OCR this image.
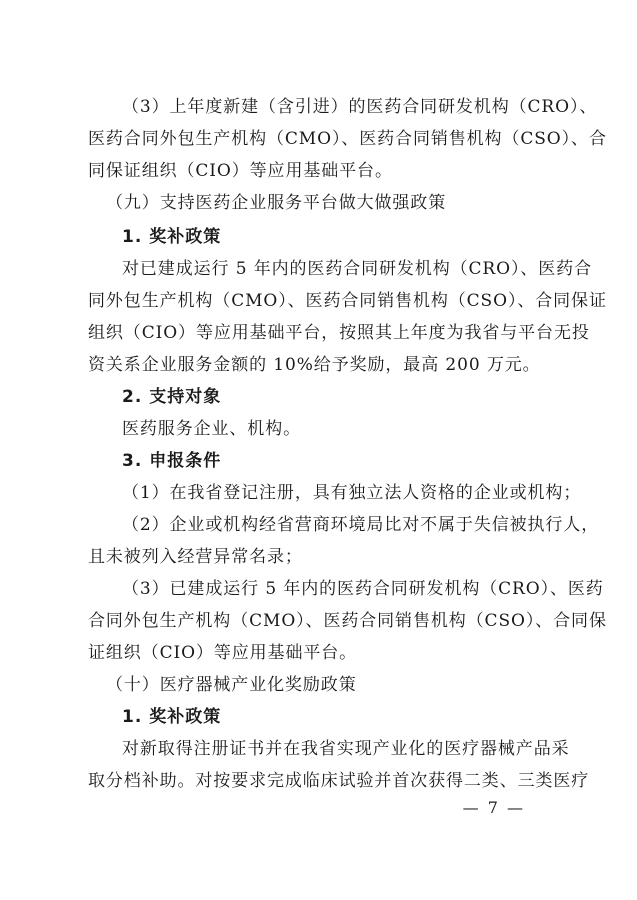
（3）上年度新建（含引进）的医药合同研发机构（CRO）、
医药合同外包生产机构（CMO）、医药合同销售机构（CSO）、合
同保证组织（CIO）等应用基础平台。
（九）支持医药企业服务平台做大做强政策
1. 奖补政策
对已建成运行 5 年内的医药合同研发机构（CRO）、医药合
同外包生产机构（CMO）、医药合同销售机构（CSO）、合同保证
组织（CIO）等应用基础平台，按照其上年度为我省与平台无投
资关系企业服务金额的 10%给予奖励，最高 200 万元。
2. 支持对象
医药服务企业、机构。
3. 申报条件
（1）在我省登记注册，具有独立法人资格的企业或机构；
（2）企业或机构经省营商环境局比对不属于失信被执行人，
且未被列入经营异常名录；
（3）已建成运行 5 年内的医药合同研发机构（CRO）、医药
合同外包生产机构（CMO）、医药合同销售机构（CSO）、合同保
证组织（CIO）等应用基础平台。
（十）医疗器械产业化奖励政策
1. 奖补政策
对新取得注册证书并在我省实现产业化的医疗器械产品采
取分档补助。对按要求完成临床试验并首次获得二类、三类医疗
— 7 —
